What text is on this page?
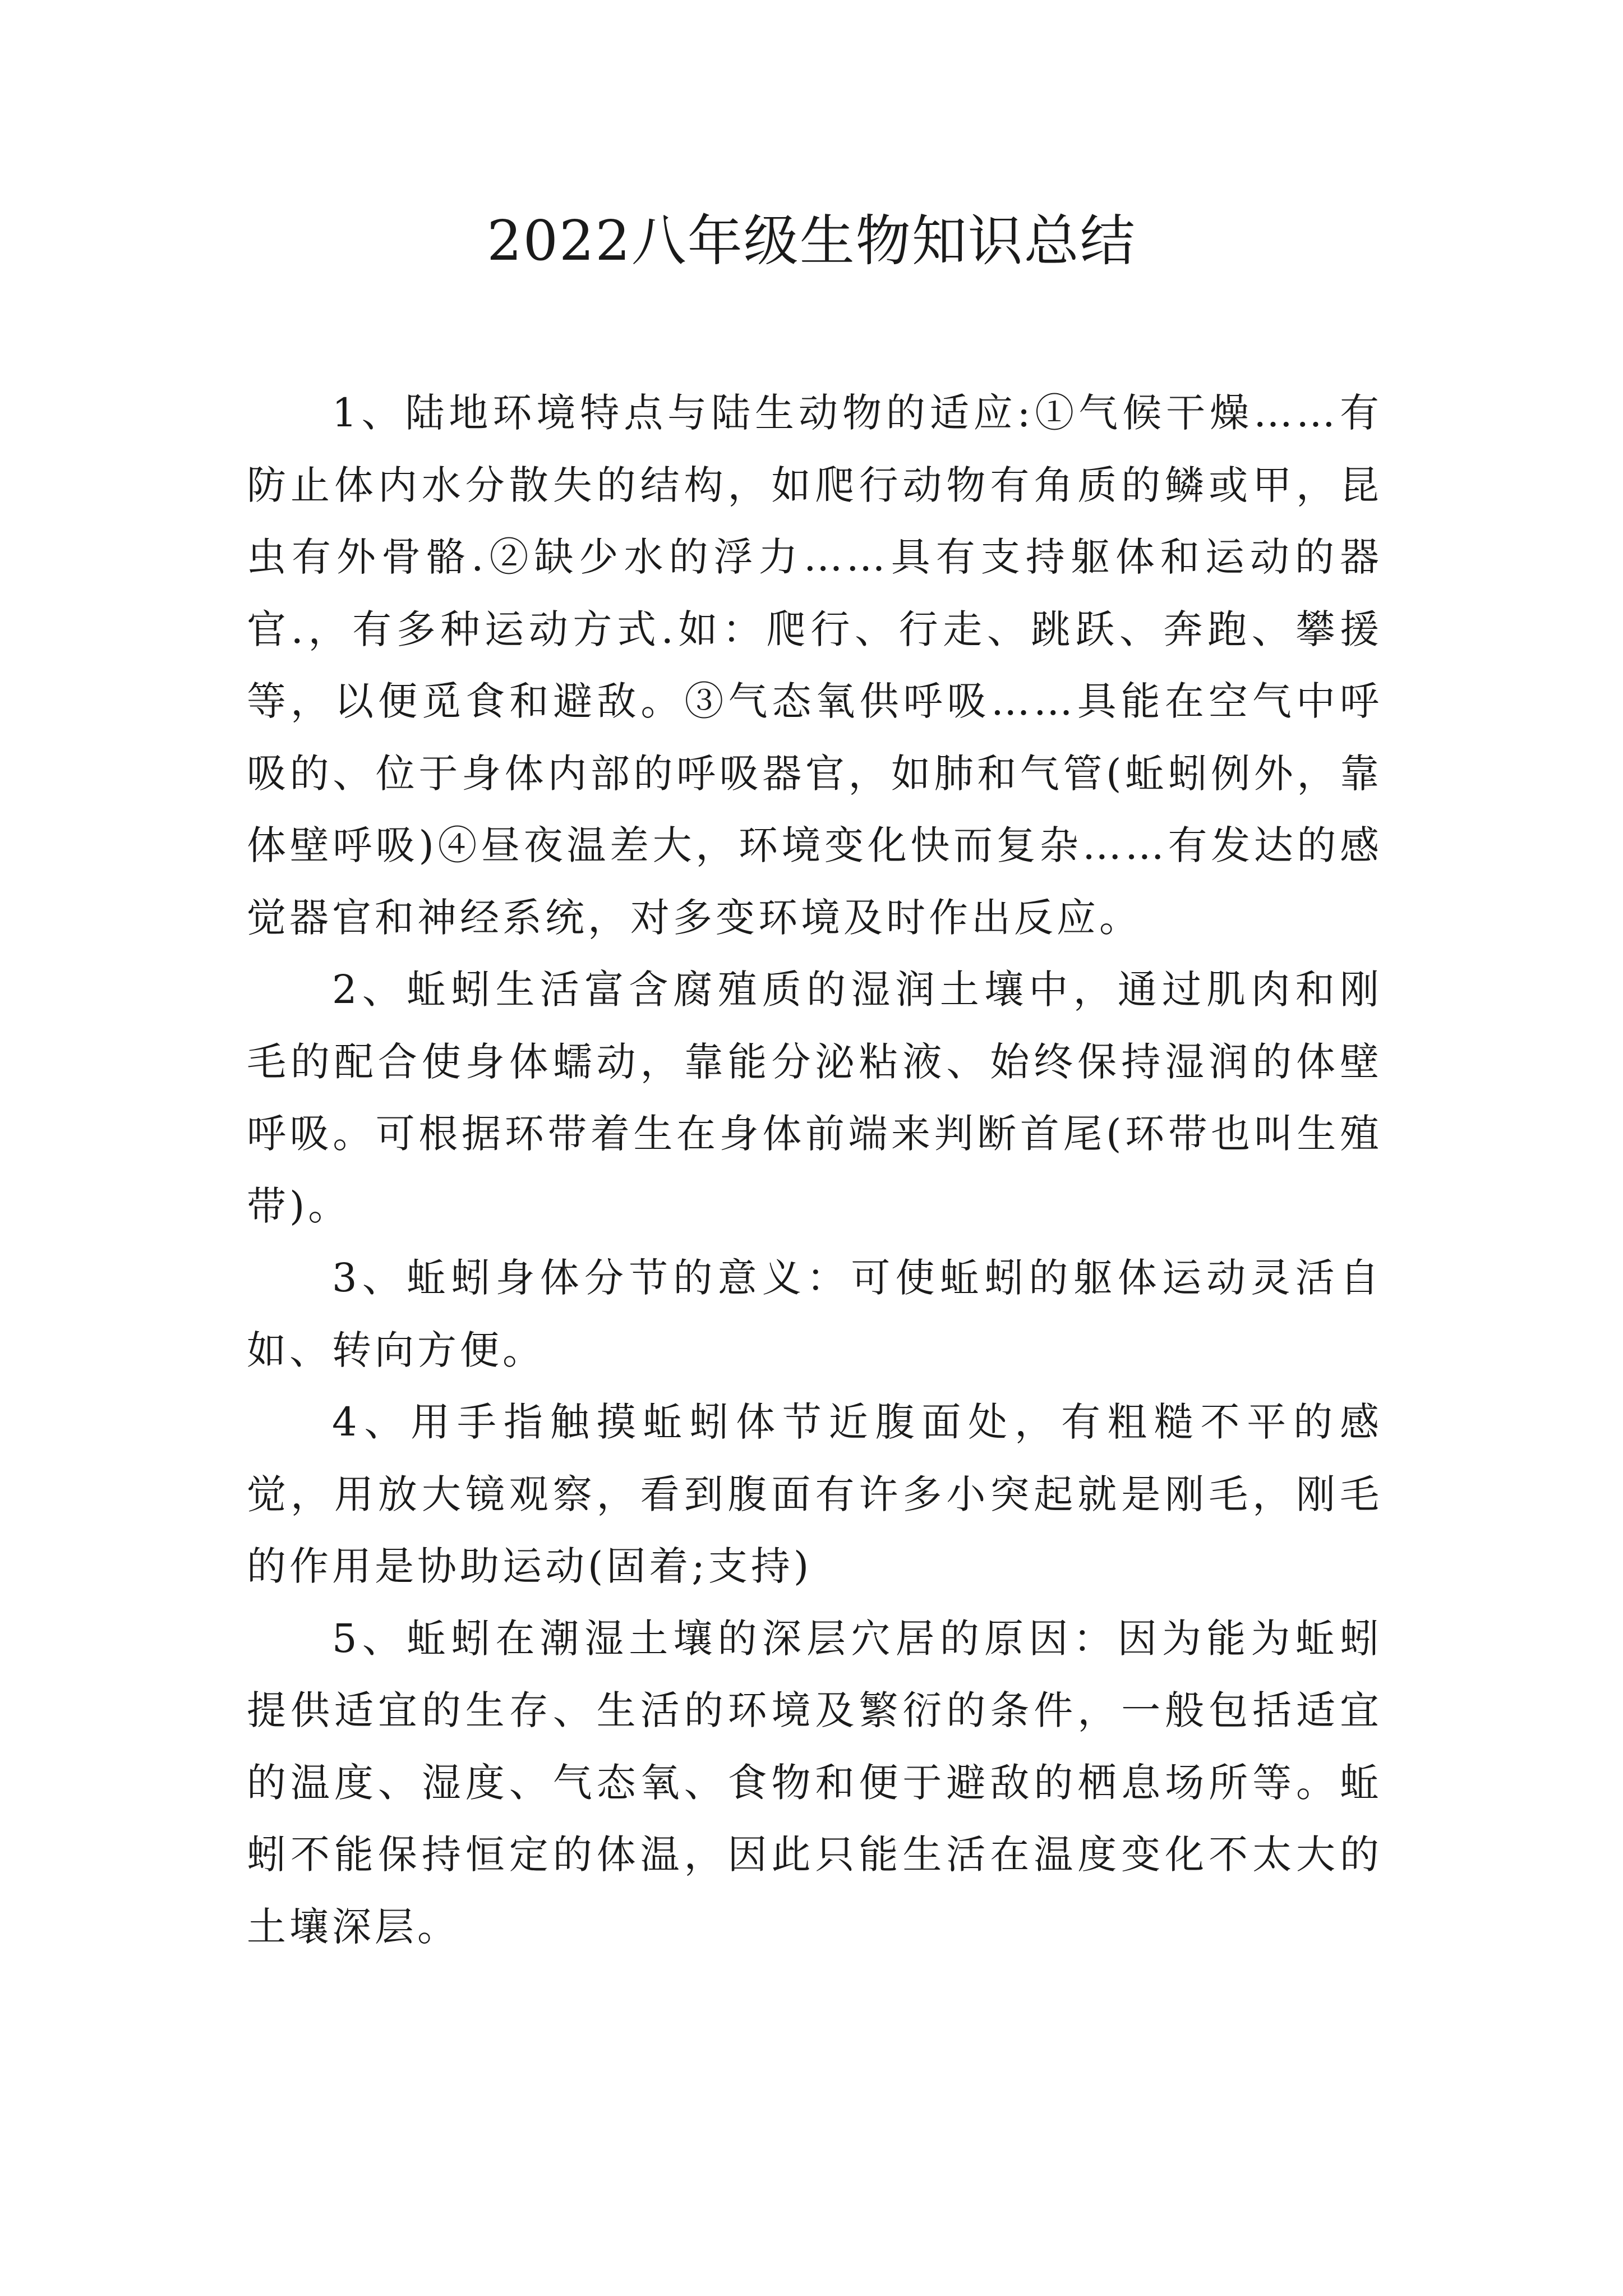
2022八年级生物知识总结

1、陆地环境特点与陆生动物的适应:①气候干燥……有防止体内水分散失的结构，如爬行动物有角质的鳞或甲，昆虫有外骨骼.②缺少水的浮力……具有支持躯体和运动的器官.，有多种运动方式.如：爬行、行走、跳跃、奔跑、攀援等，以便觅食和避敌。③气态氧供呼吸……具能在空气中呼吸的、位于身体内部的呼吸器官，如肺和气管(蚯蚓例外，靠体壁呼吸)④昼夜温差大，环境变化快而复杂……有发达的感觉器官和神经系统，对多变环境及时作出反应。

2、蚯蚓生活富含腐殖质的湿润土壤中，通过肌肉和刚毛的配合使身体蠕动，靠能分泌粘液、始终保持湿润的体壁呼吸。可根据环带着生在身体前端来判断首尾(环带也叫生殖带)。

3、蚯蚓身体分节的意义：可使蚯蚓的躯体运动灵活自如、转向方便。

4、用手指触摸蚯蚓体节近腹面处，有粗糙不平的感觉，用放大镜观察，看到腹面有许多小突起就是刚毛，刚毛的作用是协助运动(固着;支持)

5、蚯蚓在潮湿土壤的深层穴居的原因：因为能为蚯蚓提供适宜的生存、生活的环境及繁衍的条件，一般包括适宜的温度、湿度、气态氧、食物和便于避敌的栖息场所等。蚯蚓不能保持恒定的体温，因此只能生活在温度变化不太大的土壤深层。
